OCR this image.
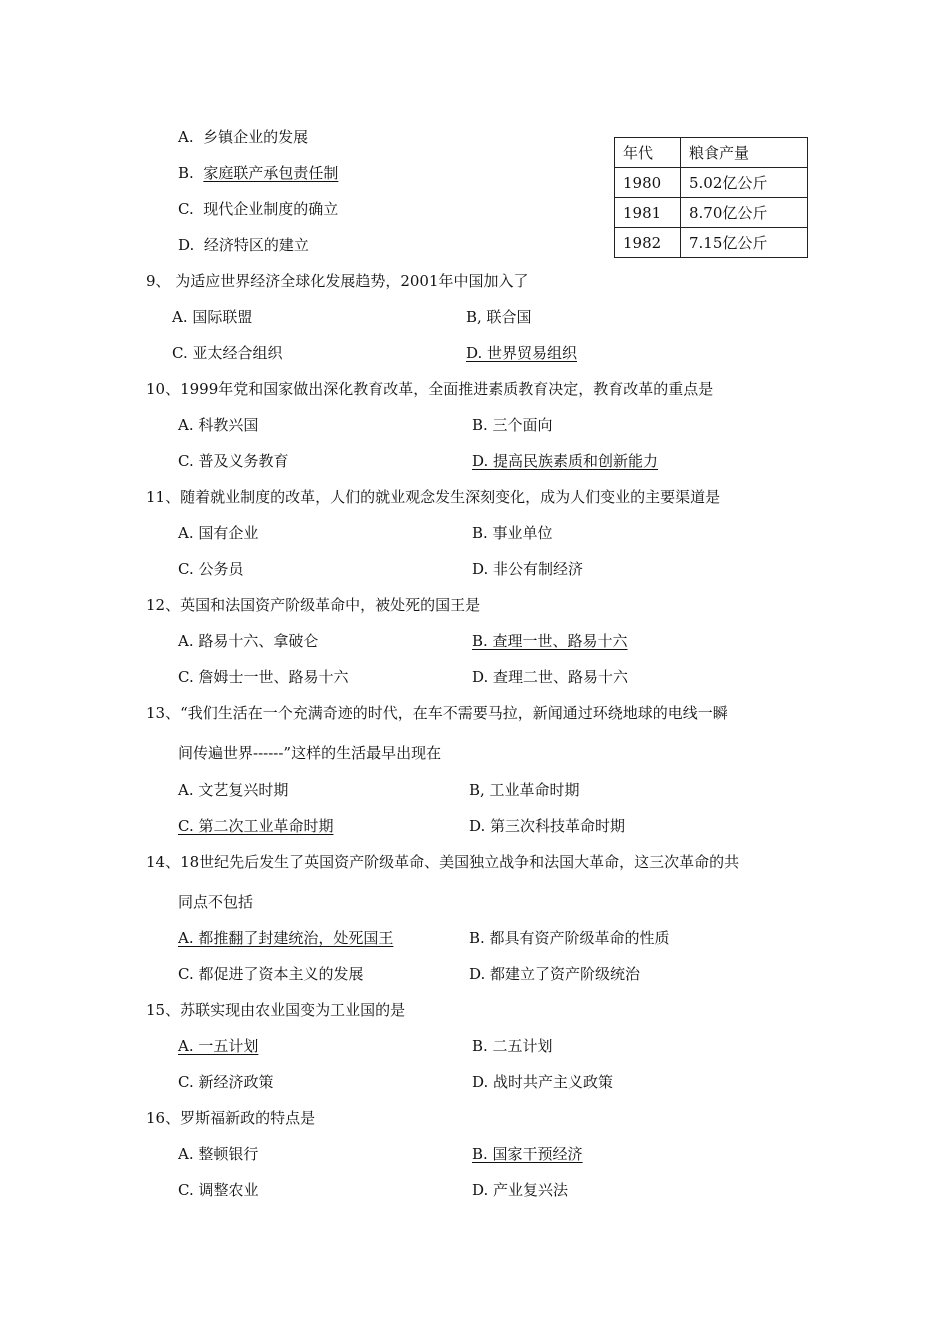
A. 乡镇企业的发展
B. 家庭联产承包责任制
C. 现代企业制度的确立
D. 经济特区的建立
年代	粮食产量
1980	5.02亿公斤
1981	8.70亿公斤
1982	7.15亿公斤
9、 为适应世界经济全球化发展趋势，2001年中国加入了
A. 国际联盟	B, 联合国
C. 亚太经合组织	D. 世界贸易组织
10、1999年党和国家做出深化教育改革，全面推进素质教育决定，教育改革的重点是
A. 科教兴国	B. 三个面向
C. 普及义务教育	D. 提高民族素质和创新能力
11、随着就业制度的改革，人们的就业观念发生深刻变化，成为人们变业的主要渠道是
A. 国有企业	B. 事业单位
C. 公务员	D. 非公有制经济
12、英国和法国资产阶级革命中，被处死的国王是
A. 路易十六、拿破仑	B. 查理一世、路易十六
C. 詹姆士一世、路易十六	D. 查理二世、路易十六
13、“我们生活在一个充满奇迹的时代，在车不需要马拉，新闻通过环绕地球的电线一瞬
间传遍世界------”这样的生活最早出现在
A. 文艺复兴时期	B, 工业革命时期
C. 第二次工业革命时期	D. 第三次科技革命时期
14、18世纪先后发生了英国资产阶级革命、美国独立战争和法国大革命，这三次革命的共
同点不包括
A. 都推翻了封建统治，处死国王	B. 都具有资产阶级革命的性质
C. 都促进了资本主义的发展	D. 都建立了资产阶级统治
15、苏联实现由农业国变为工业国的是
A. 一五计划	B. 二五计划
C. 新经济政策	D. 战时共产主义政策
16、罗斯福新政的特点是
A. 整顿银行	B. 国家干预经济
C. 调整农业	D. 产业复兴法
